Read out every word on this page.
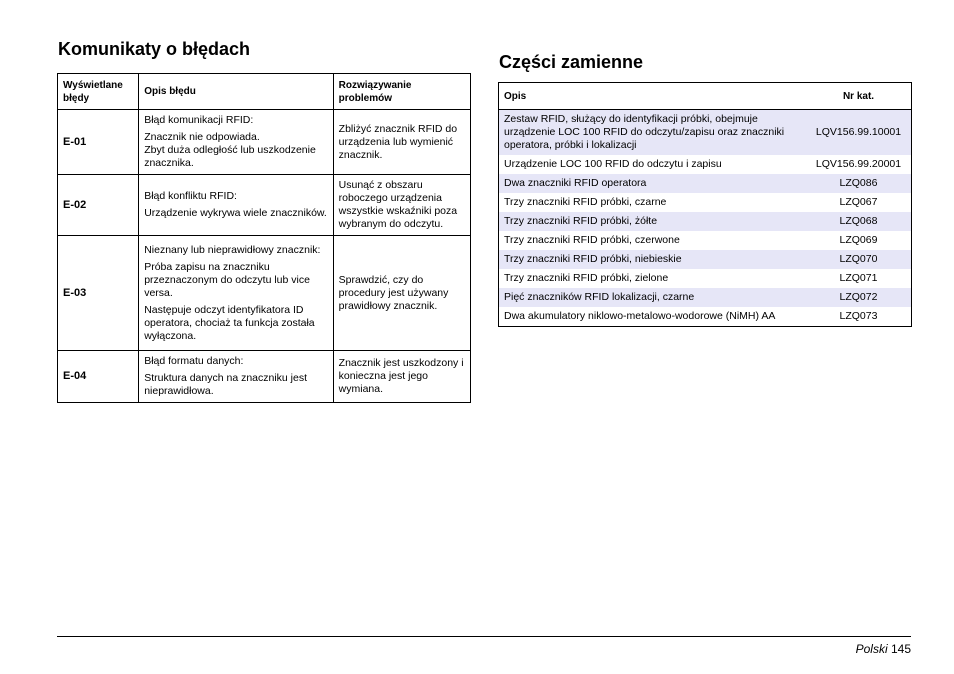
Komunikaty o błędach
Wyświetlane błędy	Opis błędu	Rozwiązywanie problemów
E-01	Błąd komunikacji RFID:

Znacznik nie odpowiada.
Zbyt duża odległość lub uszkodzenie znacznika.	Zbliżyć znacznik RFID do urządzenia lub wymienić znacznik.
E-02	Błąd konfliktu RFID:

Urządzenie wykrywa wiele znaczników.	Usunąć z obszaru roboczego urządzenia wszystkie wskaźniki poza wybranym do odczytu.
E-03	Nieznany lub nieprawidłowy znacznik:

Próba zapisu na znaczniku przeznaczonym do odczytu lub vice versa.

Następuje odczyt identyfikatora ID operatora, chociaż ta funkcja została wyłączona.	Sprawdzić, czy do procedury jest używany prawidłowy znacznik.
E-04	Błąd formatu danych:

Struktura danych na znaczniku jest nieprawidłowa.	Znacznik jest uszkodzony i konieczna jest jego wymiana.
Części zamienne
Opis	Nr kat.
Zestaw RFID, służący do identyfikacji próbki, obejmuje urządzenie LOC 100 RFID do odczytu/zapisu oraz znaczniki operatora, próbki i lokalizacji	LQV156.99.10001
Urządzenie LOC 100 RFID do odczytu i zapisu	LQV156.99.20001
Dwa znaczniki RFID operatora	LZQ086
Trzy znaczniki RFID próbki, czarne	LZQ067
Trzy znaczniki RFID próbki, żółte	LZQ068
Trzy znaczniki RFID próbki, czerwone	LZQ069
Trzy znaczniki RFID próbki, niebieskie	LZQ070
Trzy znaczniki RFID próbki, zielone	LZQ071
Pięć znaczników RFID lokalizacji, czarne	LZQ072
Dwa akumulatory niklowo-metalowo-wodorowe (NiMH) AA	LZQ073
Polski 145
